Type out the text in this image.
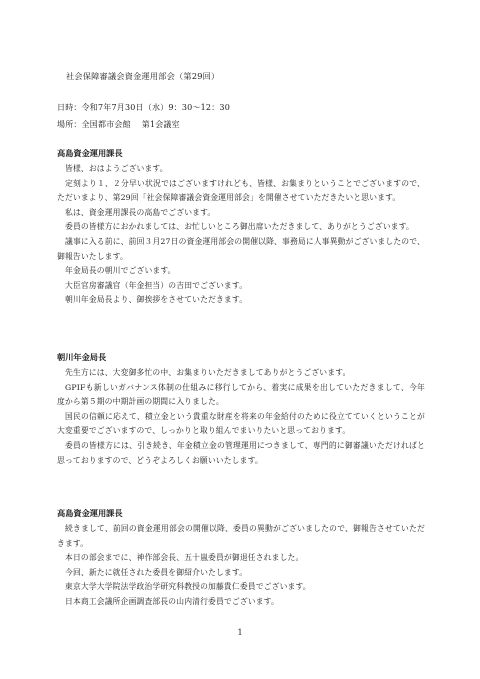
社会保障審議会資金運用部会（第29回）
日時：令和7年7月30日（水）9：30〜12：30
場所：全国都市会館　 第1会議室
高島資金運用課長

皆様、おはようございます。

定刻より１、２分早い状況ではございますけれども、皆様、お集まりということでございますので、ただいまより、第29回「社会保障審議会資金運用部会」を開催させていただきたいと思います。

私は、資金運用課長の高島でございます。

委員の皆様方におかれましては、お忙しいところ御出席いただきまして、ありがとうございます。

議事に入る前に、前回３月27日の資金運用部会の開催以降、事務局に人事異動がございましたので、御報告いたします。

年金局長の朝川でございます。

大臣官房審議官（年金担当）の吉田でございます。

朝川年金局長より、御挨拶をさせていただきます。

朝川年金局長

先生方には、大変御多忙の中、お集まりいただきましてありがとうございます。

GPIFも新しいガバナンス体制の仕組みに移行してから、着実に成果を出していただきまして、今年度から第５期の中期計画の期間に入りました。

国民の信頼に応えて、積立金という貴重な財産を将来の年金給付のために役立てていくということが大変重要でございますので、しっかりと取り組んでまいりたいと思っております。

委員の皆様方には、引き続き、年金積立金の管理運用につきまして、専門的に御審議いただければと思っておりますので、どうぞよろしくお願いいたします。

高島資金運用課長

続きまして、前回の資金運用部会の開催以降、委員の異動がございましたので、御報告させていただきます。

本日の部会までに、神作部会長、五十嵐委員が御退任されました。

今回、新たに就任された委員を御紹介いたします。

東京大学大学院法学政治学研究科教授の加藤貴仁委員でございます。

日本商工会議所企画調査部長の山内清行委員でございます。

1
